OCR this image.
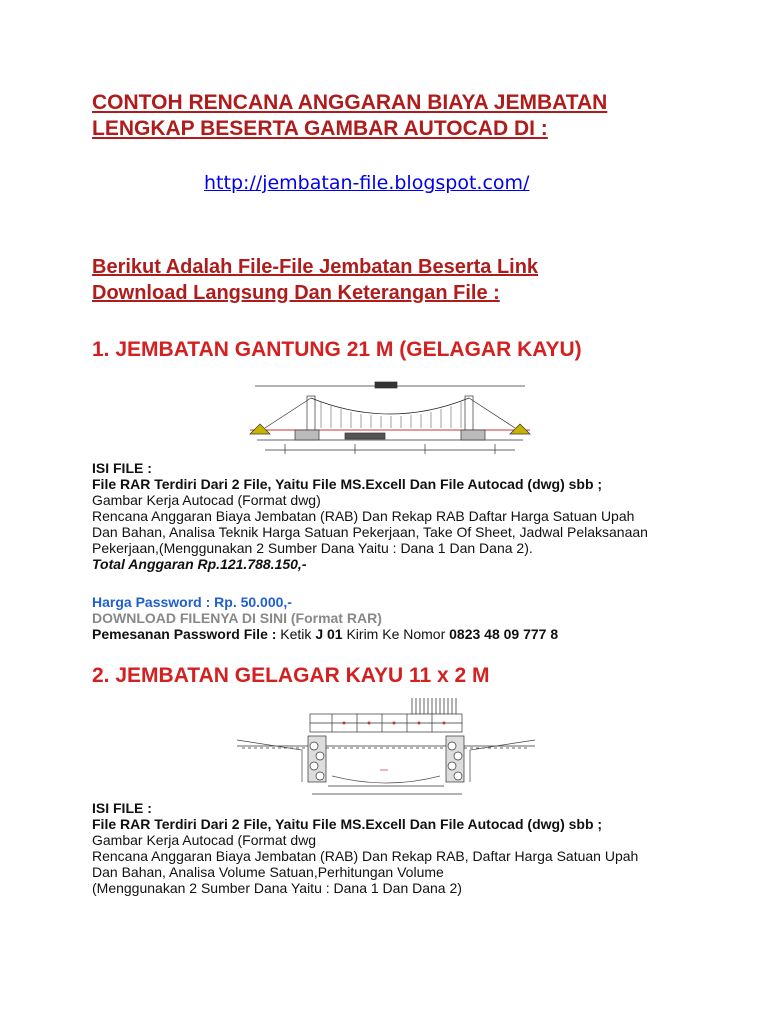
CONTOH RENCANA ANGGARAN BIAYA JEMBATAN
LENGKAP BESERTA GAMBAR AUTOCAD DI :
http://jembatan-file.blogspot.com/
Berikut Adalah File-File Jembatan Beserta Link
Download Langsung Dan Keterangan File :
1. JEMBATAN GANTUNG 21 M (GELAGAR KAYU)
ISI FILE :
File RAR Terdiri Dari 2 File, Yaitu File MS.Excell Dan File Autocad (dwg) sbb ;
Gambar Kerja Autocad (Format dwg)
Rencana Anggaran Biaya Jembatan (RAB) Dan Rekap RAB Daftar Harga Satuan Upah
Dan Bahan, Analisa Teknik Harga Satuan Pekerjaan, Take Of Sheet, Jadwal Pelaksanaan
Pekerjaan,(Menggunakan 2 Sumber Dana Yaitu : Dana 1 Dan Dana 2).
Total Anggaran Rp.121.788.150,-
Harga Password : Rp. 50.000,-
DOWNLOAD FILENYA DI SINI (Format RAR)
Pemesanan Password File : Ketik J 01 Kirim Ke Nomor 0823 48 09 777 8
2. JEMBATAN GELAGAR KAYU 11 x 2 M
ISI FILE :
File RAR Terdiri Dari 2 File, Yaitu File MS.Excell Dan File Autocad (dwg) sbb ;
Gambar Kerja Autocad (Format dwg
Rencana Anggaran Biaya Jembatan (RAB) Dan Rekap RAB, Daftar Harga Satuan Upah
Dan Bahan, Analisa Volume Satuan,Perhitungan Volume
(Menggunakan 2 Sumber Dana Yaitu : Dana 1 Dan Dana 2)
